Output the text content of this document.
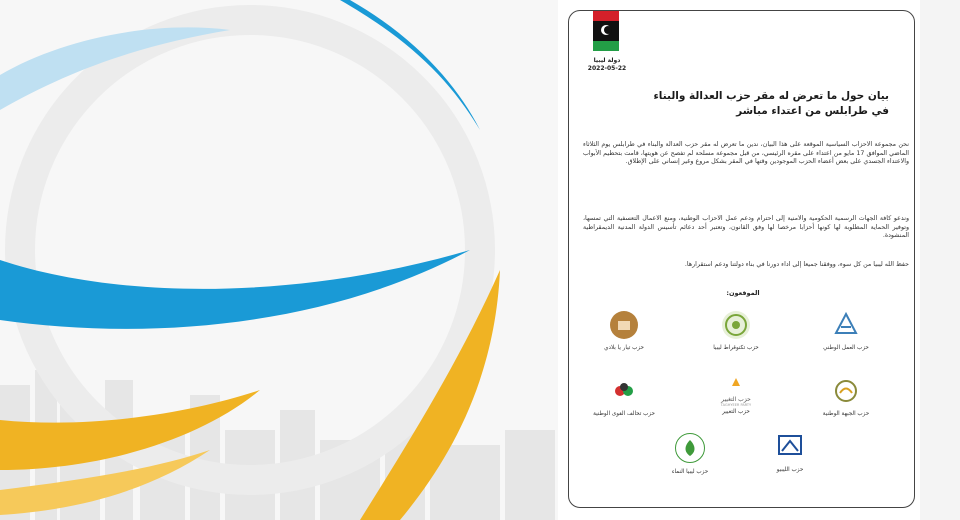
دولة ليبيا
2022-05-22
بيان حول ما تعرض له مقر حزب العدالة والبناء
في طرابلس من اعتداء مباشر
نحن مجموعة الأحزاب السياسية الموقعة على هذا البيان، ندين ما تعرض له مقر حزب العدالة والبناء في طرابلس يوم الثلاثاء الماضي الموافق 17 مايو من اعتداء على مقره الرئيسي، من قبل مجموعة مسلحة لم تفصح عن هويتها، قامت بتحطيم الأبواب والاعتداء الجسدي على بعض أعضاء الحزب الموجودين وقتها في المقر بشكل مروع وغير إنساني على الإطلاق.
وندعو كافة الجهات الرسمية الحكومية والأمنية إلى احترام ودعم عمل الأحزاب الوطنية، ومنع الأعمال التعسفية التي تمسها، وتوفير الحماية المطلوبة لها كونها أحزابا مرخصا لها وفق القانون، وتعتبر أحد دعائم تأسيس الدولة المدنية الديمقراطية المنشودة.
حفظ الله ليبيا من كل سوء، ووفقنا جميعا إلى أداء دورنا في بناء دولتنا ودعم استقرارها.
الموقعون:
حزب العمل الوطني
حزب تكنوقراط ليبيا
حزب تيار يا بلادي
حزب الجبهة الوطنية
حزب التغيير
TAGHYEER PARTY
حزب التغيير
حزب تحالف القوى الوطنية
حزب الليبيو
حزب ليبيا النماء
